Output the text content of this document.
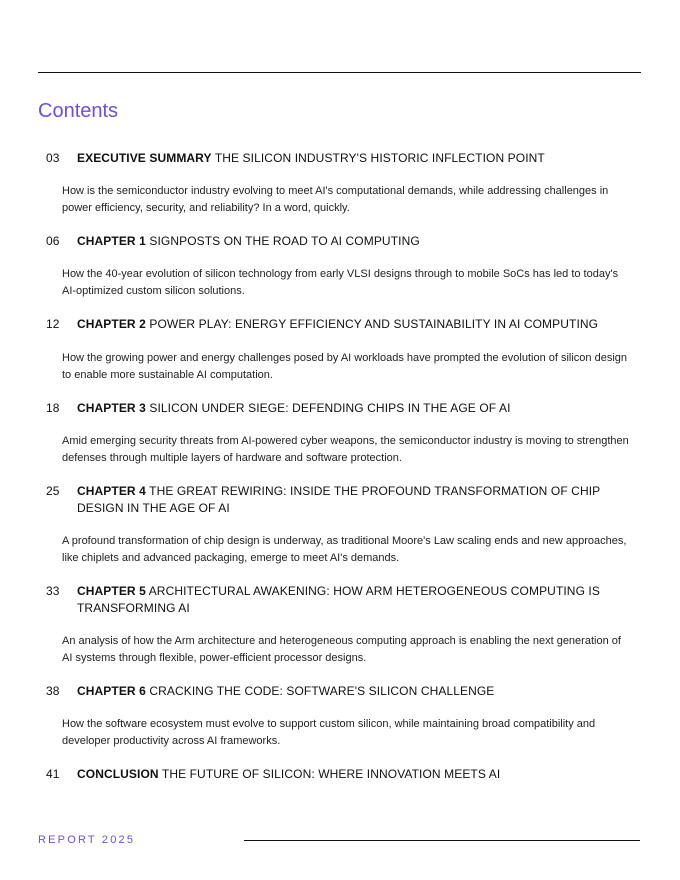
Contents
03 EXECUTIVE SUMMARY THE SILICON INDUSTRY'S HISTORIC INFLECTION POINT
How is the semiconductor industry evolving to meet AI's computational demands, while addressing challenges in power efficiency, security, and reliability? In a word, quickly.
06 CHAPTER 1 SIGNPOSTS ON THE ROAD TO AI COMPUTING
How the 40-year evolution of silicon technology from early VLSI designs through to mobile SoCs has led to today's AI-optimized custom silicon solutions.
12 CHAPTER 2 POWER PLAY: ENERGY EFFICIENCY AND SUSTAINABILITY IN AI COMPUTING
How the growing power and energy challenges posed by AI workloads have prompted the evolution of silicon design to enable more sustainable AI computation.
18 CHAPTER 3 SILICON UNDER SIEGE: DEFENDING CHIPS IN THE AGE OF AI
Amid emerging security threats from AI-powered cyber weapons, the semiconductor industry is moving to strengthen defenses through multiple layers of hardware and software protection.
25 CHAPTER 4 THE GREAT REWIRING: INSIDE THE PROFOUND TRANSFORMATION OF CHIP DESIGN IN THE AGE OF AI
A profound transformation of chip design is underway, as traditional Moore's Law scaling ends and new approaches, like chiplets and advanced packaging, emerge to meet AI's demands.
33 CHAPTER 5 ARCHITECTURAL AWAKENING: HOW ARM HETEROGENEOUS COMPUTING IS TRANSFORMING AI
An analysis of how the Arm architecture and heterogeneous computing approach is enabling the next generation of AI systems through flexible, power-efficient processor designs.
38 CHAPTER 6 CRACKING THE CODE: SOFTWARE'S SILICON CHALLENGE
How the software ecosystem must evolve to support custom silicon, while maintaining broad compatibility and developer productivity across AI frameworks.
41 CONCLUSION THE FUTURE OF SILICON: WHERE INNOVATION MEETS AI
REPORT 2025
